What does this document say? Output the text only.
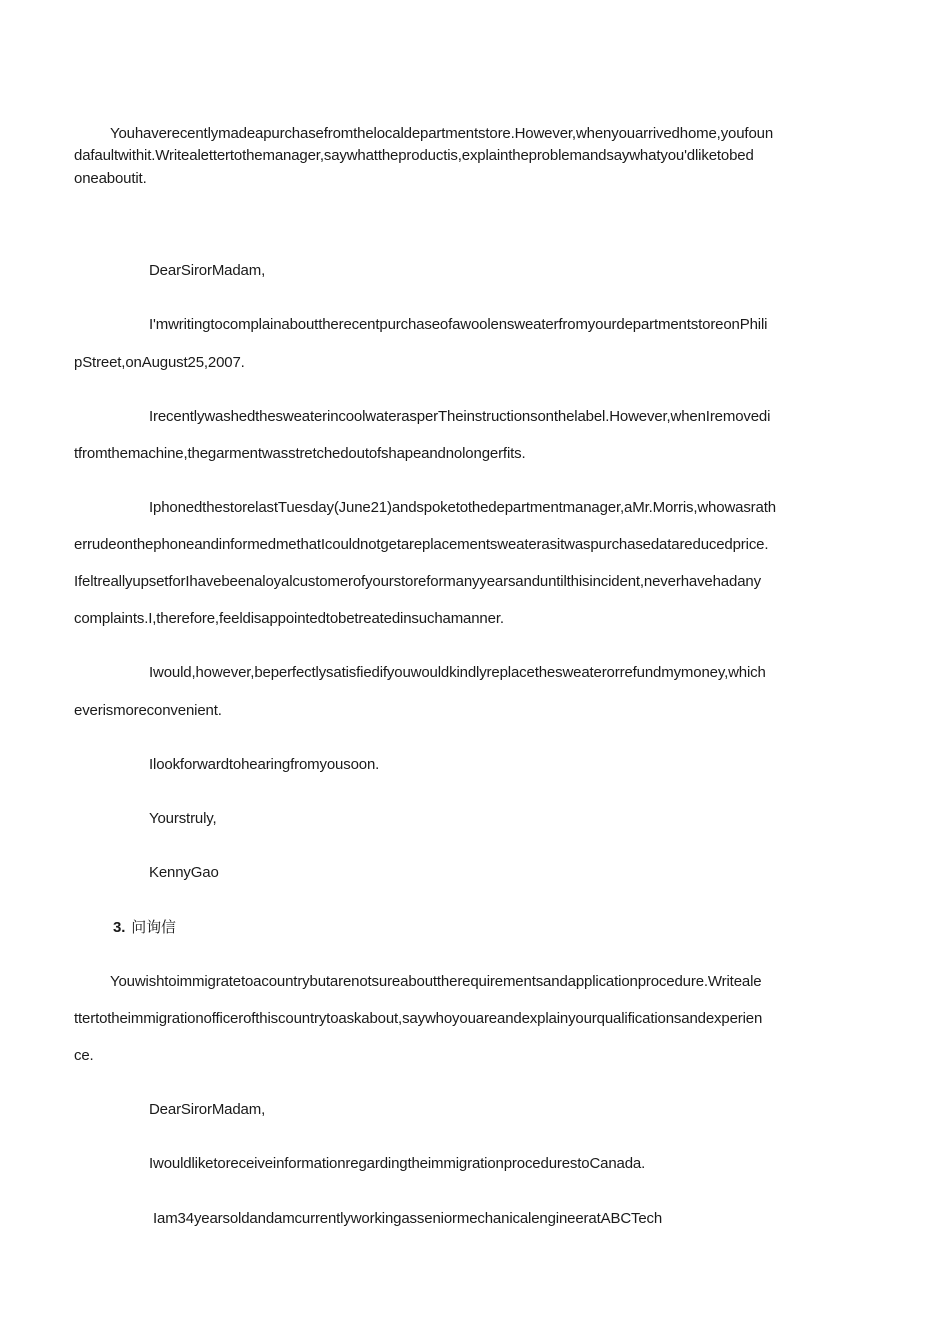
Youhaverecentlymadeapurchasefromthelocaldepartmentstore.However,whenyouarrivedhome,youfoun
dafaultwithit.Writealettertothemanager,saywhattheproductis,explaintheproblemandsaywhatyou'dliketobed
oneaboutit.
DearSirorMadam,
I'mwritingtocomplainabouttherecentpurchaseofawoolensweaterfromyourdepartmentstoreonPhili
pStreet,onAugust25,2007.
IrecentlywashedthesweaterincoolwaterasperTheinstructionsonthelabel.However,whenIremovedi
tfromthemachine,thegarmentwasstretchedoutofshapeandnolongerfits.
IphonedthestorelastTuesday(June21)andspoketothedepartmentmanager,aMr.Morris,whowasrath
errudeonthephoneandinformedmethatIcouldnotgetareplacementsweaterasitwaspurchasedatareducedprice.
IfeltreallyupsetforIhavebeenaloyalcustomerofyourstoreformanyyearsanduntilthisincident,neverhavehadany
complaints.I,therefore,feeldisappointedtobetreatedinsuchamanner.
Iwould,however,beperfectlysatisfiedifyouwouldkindlyreplacethesweaterorrefundmymoney,which
everismoreconvenient.
Ilookforwardtohearingfromyousoon.
Yourstruly,
KennyGao
3. 问询信
Youwishtoimmigratetoacountrybutarenotsureabouttherequirementsandapplicationprocedure.Writeale
ttertotheimmigrationofficerofthiscountrytoaskabout,saywhoyouareandexplainyourqualificationsandexperien
ce.
DearSirorMadam,
IwouldliketoreceiveinformationregardingtheimmigrationprocedurestoCanada.
Iam34yearsoldandamcurrentlyworkingasseniormechanicalengineeratABCTech
